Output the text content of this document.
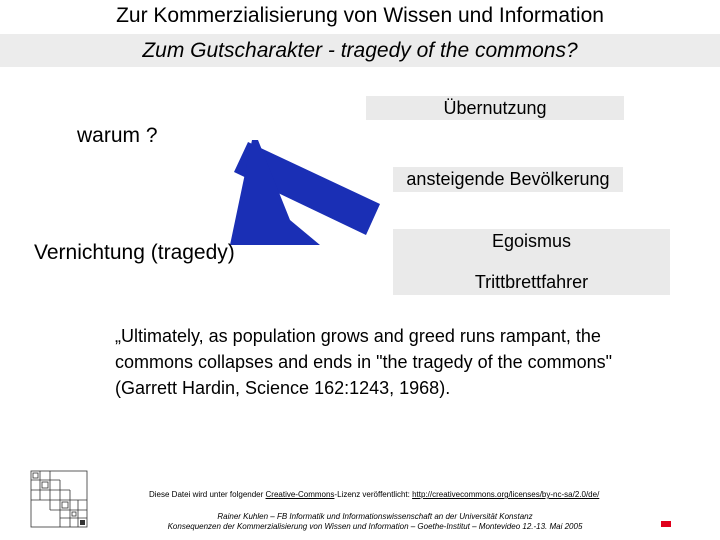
Zur Kommerzialisierung von Wissen und Information
Zum Gutscharakter - tragedy of the commons?
Übernutzung
warum ?
ansteigende Bevölkerung
Vernichtung (tragedy)	Egoismus
Trittbrettfahrer
„Ultimately, as population grows and greed runs rampant, the commons collapses and ends in "the tragedy of the commons" (Garrett Hardin, Science 162:1243, 1968).
Diese Datei wird unter folgender Creative-Commons-Lizenz veröffentlicht: http://creativecommons.org/licenses/by-nc-sa/2.0/de/
Rainer Kuhlen – FB Informatik und Informationswissenschaft an der Universität Konstanz
Konsequenzen der Kommerzialisierung von Wissen und Information – Goethe-Institut – Montevideo 12.-13. Mai 2005
